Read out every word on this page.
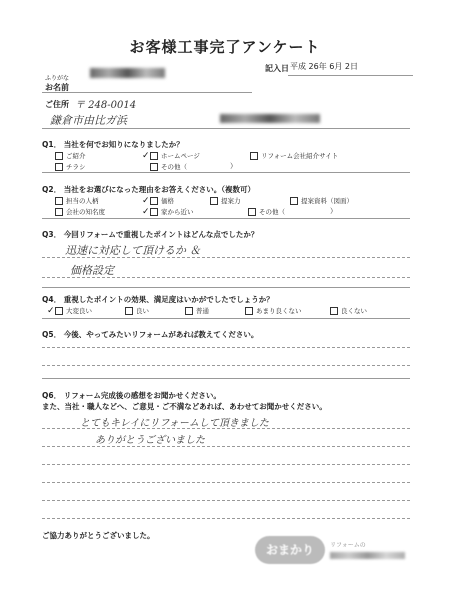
お客様工事完了アンケート
記入日 平成 26年 6月 2日
ふりがな
お名前
ご住所 〒 248-0014
鎌倉市由比ガ浜
Q1． 当社を何でお知りになりましたか？
ご紹介 ✓	ホームページ	リフォーム会社紹介サイト
チラシ	その他（	）
Q2． 当社をお選びになった理由をお答えください。（複数可）
担当の人柄 ✓	価格	提案力	提案資料（図面）
会社の知名度 ✓	家から近い	その他（	）
Q3． 今回リフォームで重視したポイントはどんな点でしたか？
迅速に対応して頂けるか ＆
価格設定
Q4． 重視したポイントの効果、満足度はいかがでしたでしょうか？
✓大変良い	良い	普通	あまり良くない	良くない
Q5． 今後、やってみたいリフォームがあれば教えてください。
Q6． リフォーム完成後の感想をお聞かせください。
また、当社・職人などへ、ご意見・ご不満などあれば、あわせてお聞かせください。
とてもキレイにリフォームして頂きました
ありがとうございました
ご協力ありがとうございました。
おまかり	リフォームの
